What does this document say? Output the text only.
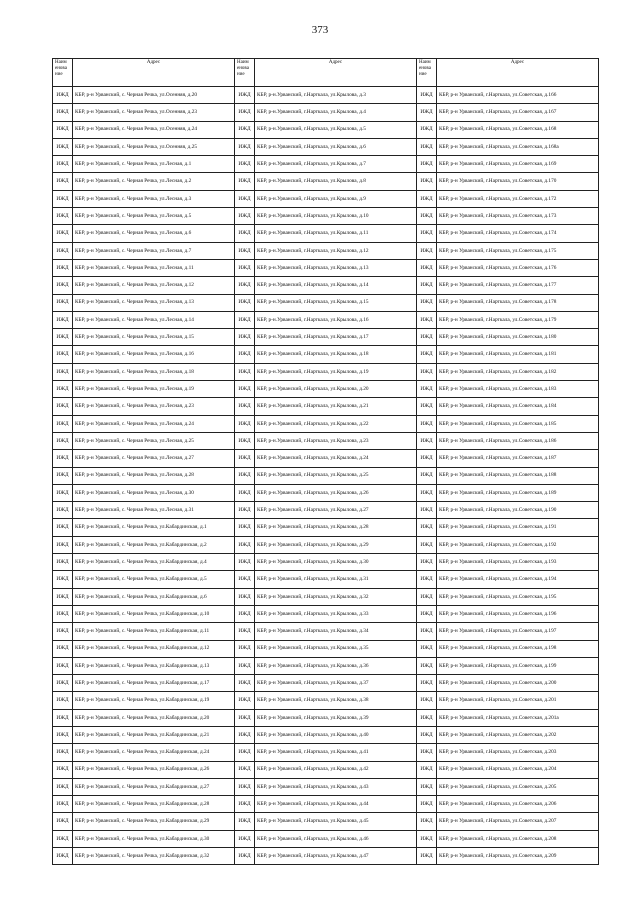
373
Наим енова ние	Адрес	Наим енова ние	Адрес	Наим енова ние	Адрес
ИЖД	КБР, р-н Урванский, с. Черная Речка, ул.Осенняя, д.20	ИЖД	КБР, р-н.Урванский, г.Нарткала, ул.Крылова, д.3	ИЖД	КБР, р-н Урванский, г.Нарткала, ул.Советская, д.166
ИЖД	КБР, р-н Урванский, с. Черная Речка, ул.Осенняя, д.23	ИЖД	КБР, р-н.Урванский, г.Нарткала, ул.Крылова, д.4	ИЖД	КБР, р-н Урванский, г.Нарткала, ул.Советская, д.167
ИЖД	КБР, р-н Урванский, с. Черная Речка, ул.Осенняя, д.24	ИЖД	КБР, р-н.Урванский, г.Нарткала, ул.Крылова, д.5	ИЖД	КБР, р-н Урванский, г.Нарткала, ул.Советская, д.168
ИЖД	КБР, р-н Урванский, с. Черная Речка, ул.Осенняя, д.25	ИЖД	КБР, р-н.Урванский, г.Нарткала, ул.Крылова, д.6	ИЖД	КБР, р-н Урванский, г.Нарткала, ул.Советская, д.168а
ИЖД	КБР, р-н Урванский, с. Черная Речка, ул.Лесная, д.1	ИЖД	КБР, р-н.Урванский, г.Нарткала, ул.Крылова, д.7	ИЖД	КБР, р-н Урванский, г.Нарткала, ул.Советская, д.169
ИЖД	КБР, р-н Урванский, с. Черная Речка, ул.Лесная, д.2	ИЖД	КБР, р-н.Урванский, г.Нарткала, ул.Крылова, д.8	ИЖД	КБР, р-н Урванский, г.Нарткала, ул.Советская, д.170
ИЖД	КБР, р-н Урванский, с. Черная Речка, ул.Лесная, д.3	ИЖД	КБР, р-н.Урванский, г.Нарткала, ул.Крылова, д.9	ИЖД	КБР, р-н Урванский, г.Нарткала, ул.Советская, д.172
ИЖД	КБР, р-н Урванский, с. Черная Речка, ул.Лесная, д.5	ИЖД	КБР, р-н.Урванский, г.Нарткала, ул.Крылова, д.10	ИЖД	КБР, р-н Урванский, г.Нарткала, ул.Советская, д.173
ИЖД	КБР, р-н Урванский, с. Черная Речка, ул.Лесная, д.6	ИЖД	КБР, р-н.Урванский, г.Нарткала, ул.Крылова, д.11	ИЖД	КБР, р-н Урванский, г.Нарткала, ул.Советская, д.174
ИЖД	КБР, р-н Урванский, с. Черная Речка, ул.Лесная, д.7	ИЖД	КБР, р-н.Урванский, г.Нарткала, ул.Крылова, д.12	ИЖД	КБР, р-н Урванский, г.Нарткала, ул.Советская, д.175
ИЖД	КБР, р-н Урванский, с. Черная Речка, ул.Лесная, д.11	ИЖД	КБР, р-н.Урванский, г.Нарткала, ул.Крылова, д.13	ИЖД	КБР, р-н Урванский, г.Нарткала, ул.Советская, д.176
ИЖД	КБР, р-н Урванский, с. Черная Речка, ул.Лесная, д.12	ИЖД	КБР, р-н.Урванский, г.Нарткала, ул.Крылова, д.14	ИЖД	КБР, р-н Урванский, г.Нарткала, ул.Советская, д.177
ИЖД	КБР, р-н Урванский, с. Черная Речка, ул.Лесная, д.13	ИЖД	КБР, р-н.Урванский, г.Нарткала, ул.Крылова, д.15	ИЖД	КБР, р-н Урванский, г.Нарткала, ул.Советская, д.178
ИЖД	КБР, р-н Урванский, с. Черная Речка, ул.Лесная, д.14	ИЖД	КБР, р-н.Урванский, г.Нарткала, ул.Крылова, д.16	ИЖД	КБР, р-н Урванский, г.Нарткала, ул.Советская, д.179
ИЖД	КБР, р-н Урванский, с. Черная Речка, ул.Лесная, д.15	ИЖД	КБР, р-н.Урванский, г.Нарткала, ул.Крылова, д.17	ИЖД	КБР, р-н Урванский, г.Нарткала, ул.Советская, д.180
ИЖД	КБР, р-н Урванский, с. Черная Речка, ул.Лесная, д.16	ИЖД	КБР, р-н.Урванский, г.Нарткала, ул.Крылова, д.18	ИЖД	КБР, р-н Урванский, г.Нарткала, ул.Советская, д.181
ИЖД	КБР, р-н Урванский, с. Черная Речка, ул.Лесная, д.18	ИЖД	КБР, р-н.Урванский, г.Нарткала, ул.Крылова, д.19	ИЖД	КБР, р-н Урванский, г.Нарткала, ул.Советская, д.182
ИЖД	КБР, р-н Урванский, с. Черная Речка, ул.Лесная, д.19	ИЖД	КБР, р-н.Урванский, г.Нарткала, ул.Крылова, д.20	ИЖД	КБР, р-н Урванский, г.Нарткала, ул.Советская, д.183
ИЖД	КБР, р-н Урванский, с. Черная Речка, ул.Лесная, д.23	ИЖД	КБР, р-н.Урванский, г.Нарткала, ул.Крылова, д.21	ИЖД	КБР, р-н Урванский, г.Нарткала, ул.Советская, д.184
ИЖД	КБР, р-н Урванский, с. Черная Речка, ул.Лесная, д.24	ИЖД	КБР, р-н.Урванский, г.Нарткала, ул.Крылова, д.22	ИЖД	КБР, р-н Урванский, г.Нарткала, ул.Советская, д.185
ИЖД	КБР, р-н Урванский, с. Черная Речка, ул.Лесная, д.25	ИЖД	КБР, р-н.Урванский, г.Нарткала, ул.Крылова, д.23	ИЖД	КБР, р-н Урванский, г.Нарткала, ул.Советская, д.186
ИЖД	КБР, р-н Урванский, с. Черная Речка, ул.Лесная, д.27	ИЖД	КБР, р-н.Урванский, г.Нарткала, ул.Крылова, д.24	ИЖД	КБР, р-н Урванский, г.Нарткала, ул.Советская, д.187
ИЖД	КБР, р-н Урванский, с. Черная Речка, ул.Лесная, д.28	ИЖД	КБР, р-н.Урванский, г.Нарткала, ул.Крылова, д.25	ИЖД	КБР, р-н Урванский, г.Нарткала, ул.Советская, д.188
ИЖД	КБР, р-н Урванский, с. Черная Речка, ул.Лесная, д.30	ИЖД	КБР, р-н.Урванский, г.Нарткала, ул.Крылова, д.26	ИЖД	КБР, р-н Урванский, г.Нарткала, ул.Советская, д.189
ИЖД	КБР, р-н Урванский, с. Черная Речка, ул.Лесная, д.31	ИЖД	КБР, р-н.Урванский, г.Нарткала, ул.Крылова, д.27	ИЖД	КБР, р-н Урванский, г.Нарткала, ул.Советская, д.190
ИЖД	КБР, р-н Урванский, с. Черная Речка, ул.Кабардинская, д.1	ИЖД	КБР, р-н Урванский, г.Нарткала, ул.Крылова, д.28	ИЖД	КБР, р-н Урванский, г.Нарткала, ул.Советская, д.191
ИЖД	КБР, р-н Урванский, с. Черная Речка, ул.Кабардинская, д.2	ИЖД	КБР, р-н Урванский, г.Нарткала, ул.Крылова, д.29	ИЖД	КБР, р-н Урванский, г.Нарткала, ул.Советская, д.192
ИЖД	КБР, р-н Урванский, с. Черная Речка, ул.Кабардинская, д.4	ИЖД	КБР, р-н Урванский, г.Нарткала, ул.Крылова, д.30	ИЖД	КБР, р-н Урванский, г.Нарткала, ул.Советская, д.193
ИЖД	КБР, р-н Урванский, с. Черная Речка, ул.Кабардинская, д.5	ИЖД	КБР, р-н Урванский, г.Нарткала, ул.Крылова, д.31	ИЖД	КБР, р-н Урванский, г.Нарткала, ул.Советская, д.194
ИЖД	КБР, р-н Урванский, с. Черная Речка, ул.Кабардинская, д.6	ИЖД	КБР, р-н Урванский, г.Нарткала, ул.Крылова, д.32	ИЖД	КБР, р-н Урванский, г.Нарткала, ул.Советская, д.195
ИЖД	КБР, р-н Урванский, с. Черная Речка, ул.Кабардинская, д.10	ИЖД	КБР, р-н Урванский, г.Нарткала, ул.Крылова, д.33	ИЖД	КБР, р-н Урванский, г.Нарткала, ул.Советская, д.196
ИЖД	КБР, р-н Урванский, с. Черная Речка, ул.Кабардинская, д.11	ИЖД	КБР, р-н Урванский, г.Нарткала, ул.Крылова, д.34	ИЖД	КБР, р-н Урванский, г.Нарткала, ул.Советская, д.197
ИЖД	КБР, р-н Урванский, с. Черная Речка, ул.Кабардинская, д.12	ИЖД	КБР, р-н Урванский, г.Нарткала, ул.Крылова, д.35	ИЖД	КБР, р-н Урванский, г.Нарткала, ул.Советская, д.198
ИЖД	КБР, р-н Урванский, с. Черная Речка, ул.Кабардинская, д.13	ИЖД	КБР, р-н Урванский, г.Нарткала, ул.Крылова, д.36	ИЖД	КБР, р-н Урванский, г.Нарткала, ул.Советская, д.199
ИЖД	КБР, р-н Урванский, с. Черная Речка, ул.Кабардинская, д.17	ИЖД	КБР, р-н Урванский, г.Нарткала, ул.Крылова, д.37	ИЖД	КБР, р-н Урванский, г.Нарткала, ул.Советская, д.200
ИЖД	КБР, р-н Урванский, с. Черная Речка, ул.Кабардинская, д.19	ИЖД	КБР, р-н Урванский, г.Нарткала, ул.Крылова, д.38	ИЖД	КБР, р-н Урванский, г.Нарткала, ул.Советская, д.201
ИЖД	КБР, р-н Урванский, с. Черная Речка, ул.Кабардинская, д.20	ИЖД	КБР, р-н Урванский, г.Нарткала, ул.Крылова, д.39	ИЖД	КБР, р-н Урванский, г.Нарткала, ул.Советская, д.201а
ИЖД	КБР, р-н Урванский, с. Черная Речка, ул.Кабардинская, д.21	ИЖД	КБР, р-н Урванский, г.Нарткала, ул.Крылова, д.40	ИЖД	КБР, р-н Урванский, г.Нарткала, ул.Советская, д.202
ИЖД	КБР, р-н Урванский, с. Черная Речка, ул.Кабардинская, д.24	ИЖД	КБР, р-н Урванский, г.Нарткала, ул.Крылова, д.41	ИЖД	КБР, р-н Урванский, г.Нарткала, ул.Советская, д.203
ИЖД	КБР, р-н Урванский, с. Черная Речка, ул.Кабардинская, д.26	ИЖД	КБР, р-н Урванский, г.Нарткала, ул.Крылова, д.42	ИЖД	КБР, р-н Урванский, г.Нарткала, ул.Советская, д.204
ИЖД	КБР, р-н Урванский, с. Черная Речка, ул.Кабардинская, д.27	ИЖД	КБР, р-н Урванский, г.Нарткала, ул.Крылова, д.43	ИЖД	КБР, р-н Урванский, г.Нарткала, ул.Советская, д.205
ИЖД	КБР, р-н Урванский, с. Черная Речка, ул.Кабардинская, д.28	ИЖД	КБР, р-н Урванский, г.Нарткала, ул.Крылова, д.44	ИЖД	КБР, р-н Урванский, г.Нарткала, ул.Советская, д.206
ИЖД	КБР, р-н Урванский, с. Черная Речка, ул.Кабардинская, д.29	ИЖД	КБР, р-н Урванский, г.Нарткала, ул.Крылова, д.45	ИЖД	КБР, р-н Урванский, г.Нарткала, ул.Советская, д.207
ИЖД	КБР, р-н Урванский, с. Черная Речка, ул.Кабардинская, д.30	ИЖД	КБР, р-н Урванский, г.Нарткала, ул.Крылова, д.46	ИЖД	КБР, р-н Урванский, г.Нарткала, ул.Советская, д.208
ИЖД	КБР, р-н Урванский, с. Черная Речка, ул.Кабардинская, д.32	ИЖД	КБР, р-н Урванский, г.Нарткала, ул.Крылова, д.47	ИЖД	КБР, р-н Урванский, г.Нарткала, ул.Советская, д.209
